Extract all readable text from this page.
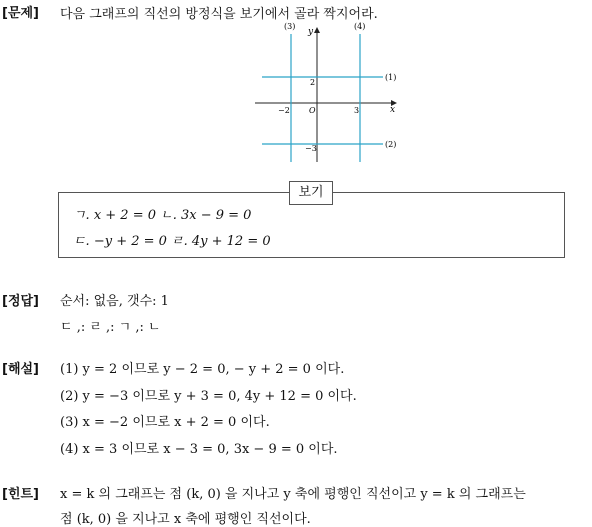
[문제] 다음 그래프의 직선의 방정식을 보기에서 골라 짝지어라.
y
x
O
−2	3
2
−3
(1)
(2)
(3)	(4)
보기
ㄱ. x + 2 = 0 ㄴ. 3x − 9 = 0
ㄷ. −y + 2 = 0 ㄹ. 4y + 12 = 0
[정답] 순서: 없음, 갯수: 1
ㄷ ,: ㄹ ,: ㄱ ,: ㄴ
[해설] (1) y = 2 이므로 y − 2 = 0, − y + 2 = 0 이다.
(2) y = −3 이므로 y + 3 = 0, 4y + 12 = 0 이다.
(3) x = −2 이므로 x + 2 = 0 이다.
(4) x = 3 이므로 x − 3 = 0, 3x − 9 = 0 이다.
[힌트] x = k 의 그래프는 점 (k, 0) 을 지나고 y 축에 평행인 직선이고 y = k 의 그래프는
점 (k, 0) 을 지나고 x 축에 평행인 직선이다.
